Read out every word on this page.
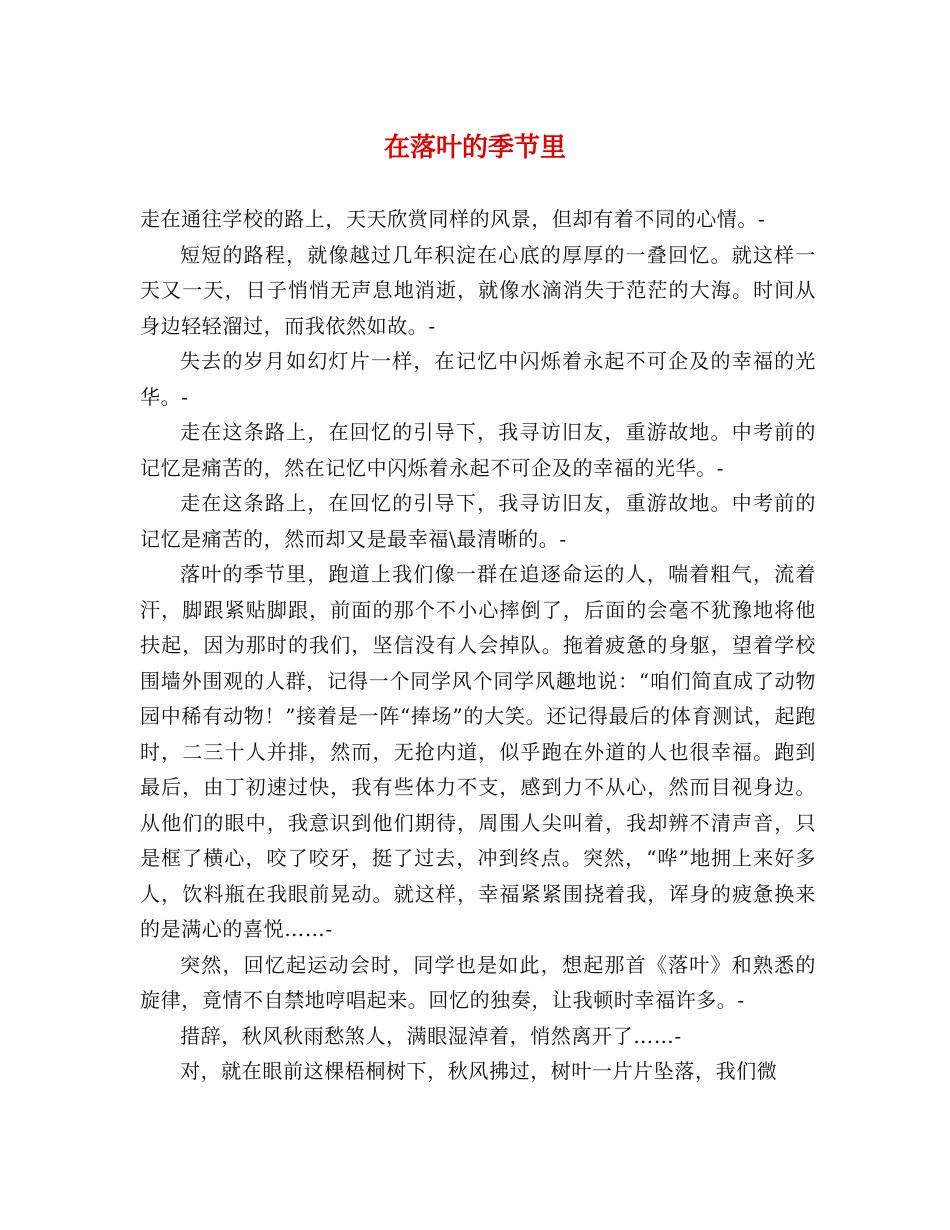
在落叶的季节里

走在通往学校的路上，天天欣赏同样的风景，但却有着不同的心情。-

短短的路程，就像越过几年积淀在心底的厚厚的一叠回忆。就这样一天又一天，日子悄悄无声息地消逝，就像水滴消失于范茫的大海。时间从身边轻轻溜过，而我依然如故。-

失去的岁月如幻灯片一样，在记忆中闪烁着永起不可企及的幸福的光华。-

走在这条路上，在回忆的引导下，我寻访旧友，重游故地。中考前的记忆是痛苦的，然在记忆中闪烁着永起不可企及的幸福的光华。-

走在这条路上，在回忆的引导下，我寻访旧友，重游故地。中考前的记忆是痛苦的，然而却又是最幸福\最清晰的。-

落叶的季节里，跑道上我们像一群在追逐命运的人，喘着粗气，流着汗，脚跟紧贴脚跟，前面的那个不小心摔倒了，后面的会毫不犹豫地将他扶起，因为那时的我们，坚信没有人会掉队。拖着疲惫的身躯，望着学校围墙外围观的人群，记得一个同学风个同学风趣地说：“咱们简直成了动物园中稀有动物！”接着是一阵“捧场”的大笑。还记得最后的体育测试，起跑时，二三十人并排，然而，无抢内道，似乎跑在外道的人也很幸福。跑到最后，由丁初速过快，我有些体力不支，感到力不从心，然而目视身边。从他们的眼中，我意识到他们期待，周围人尖叫着，我却辨不清声音，只是框了横心，咬了咬牙，挺了过去，冲到终点。突然，“哗”地拥上来好多人，饮料瓶在我眼前晃动。就这样，幸福紧紧围挠着我，诨身的疲惫换来的是满心的喜悦……-

突然，回忆起运动会时，同学也是如此，想起那首《落叶》和熟悉的旋律，竟情不自禁地哼唱起来。回忆的独奏，让我顿时幸福许多。-

措辞，秋风秋雨愁煞人，满眼湿淖着，悄然离开了……-

对，就在眼前这棵梧桐树下，秋风拂过，树叶一片片坠落，我们微
